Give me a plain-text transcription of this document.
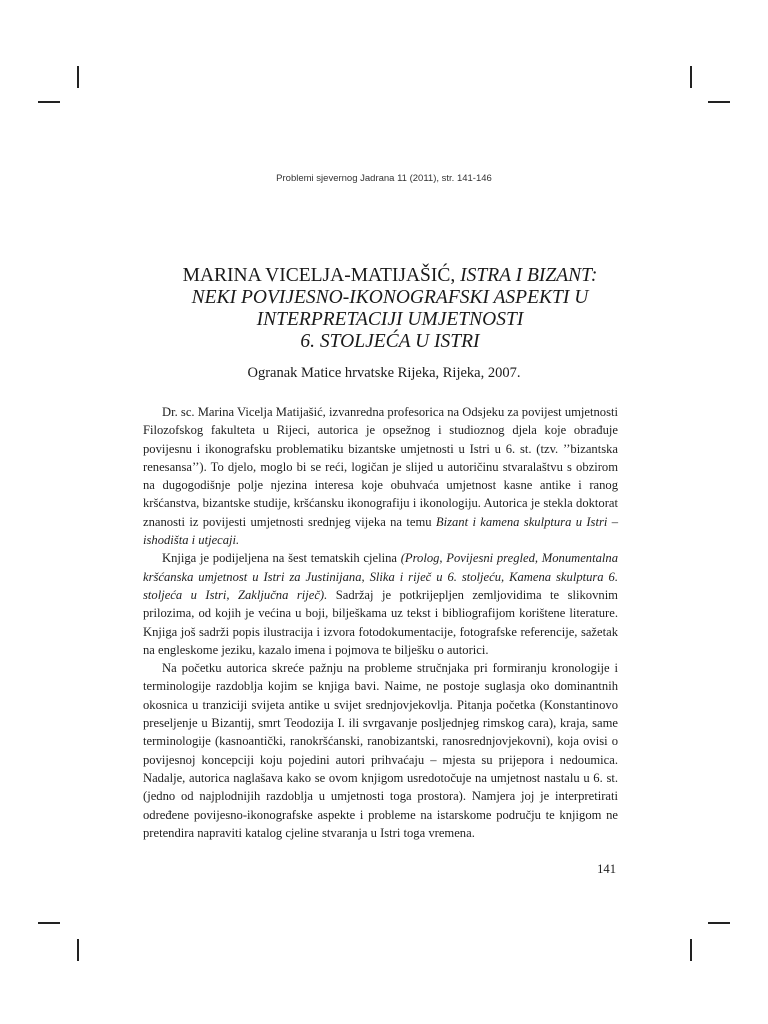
Problemi sjevernog Jadrana 11 (2011), str. 141-146
MARINA VICELJA-MATIJAŠIĆ, ISTRA I BIZANT:
NEKI POVIJESNO-IKONOGRAFSKI ASPEKTI U
INTERPRETACIJI UMJETNOSTI
6. STOLJEĆA U ISTRI
Ogranak Matice hrvatske Rijeka, Rijeka, 2007.

Dr. sc. Marina Vicelja Matijašić, izvanredna profesorica na Odsjeku za povijest umjetnosti Filozofskog fakulteta u Rijeci, autorica je opsežnog i studioznog djela koje obrađuje povijesnu i ikonografsku problematiku bizantske umjetnosti u Istri u 6. st. (tzv. ’’bizantska renesansa’’). To djelo, moglo bi se reći, logičan je slijed u autoričinu stvaralaštvu s obzirom na dugogodišnje polje njezina interesa koje obuhvaća umjetnost kasne antike i ranog kršćanstva, bizantske studije, kršćansku ikonografiju i ikonologiju. Autorica je stekla doktorat znanosti iz povijesti umjetnosti srednjeg vijeka na temu Bizant i kamena skulptura u Istri – ishodišta i utjecaji.

Knjiga je podijeljena na šest tematskih cjelina (Prolog, Povijesni pregled, Monumentalna kršćanska umjetnost u Istri za Justinijana, Slika i riječ u 6. stoljeću, Kamena skulptura 6. stoljeća u Istri, Zaključna riječ). Sadržaj je potkrijepljen zemljovidima te slikovnim prilozima, od kojih je većina u boji, bilješkama uz tekst i bibliografijom korištene literature. Knjiga još sadrži popis ilustracija i izvora fotodokumentacije, fotografske referencije, sažetak na engleskome jeziku, kazalo imena i pojmova te bilješku o autorici.

Na početku autorica skreće pažnju na probleme stručnjaka pri formiranju kronologije i terminologije razdoblja kojim se knjiga bavi. Naime, ne postoje suglasja oko dominantnih okosnica u tranziciji svijeta antike u svijet srednjovjekovlja. Pitanja početka (Konstantinovo preseljenje u Bizantij, smrt Teodozija I. ili svrgavanje posljednjeg rimskog cara), kraja, same terminologije (kasnoantički, ranokršćanski, ranobizantski, ranosrednjovjekovni), koja ovisi o povijesnoj koncepciji koju pojedini autori prihvaćaju – mjesta su prijepora i nedoumica. Nadalje, autorica naglašava kako se ovom knjigom usredotočuje na umjetnost nastalu u 6. st. (jedno od najplodnijih razdoblja u umjetnosti toga prostora). Namjera joj je interpretirati određene povijesno-ikonografske aspekte i probleme na istarskome području te knjigom ne pretendira napraviti katalog cjeline stvaranja u Istri toga vremena.

141
